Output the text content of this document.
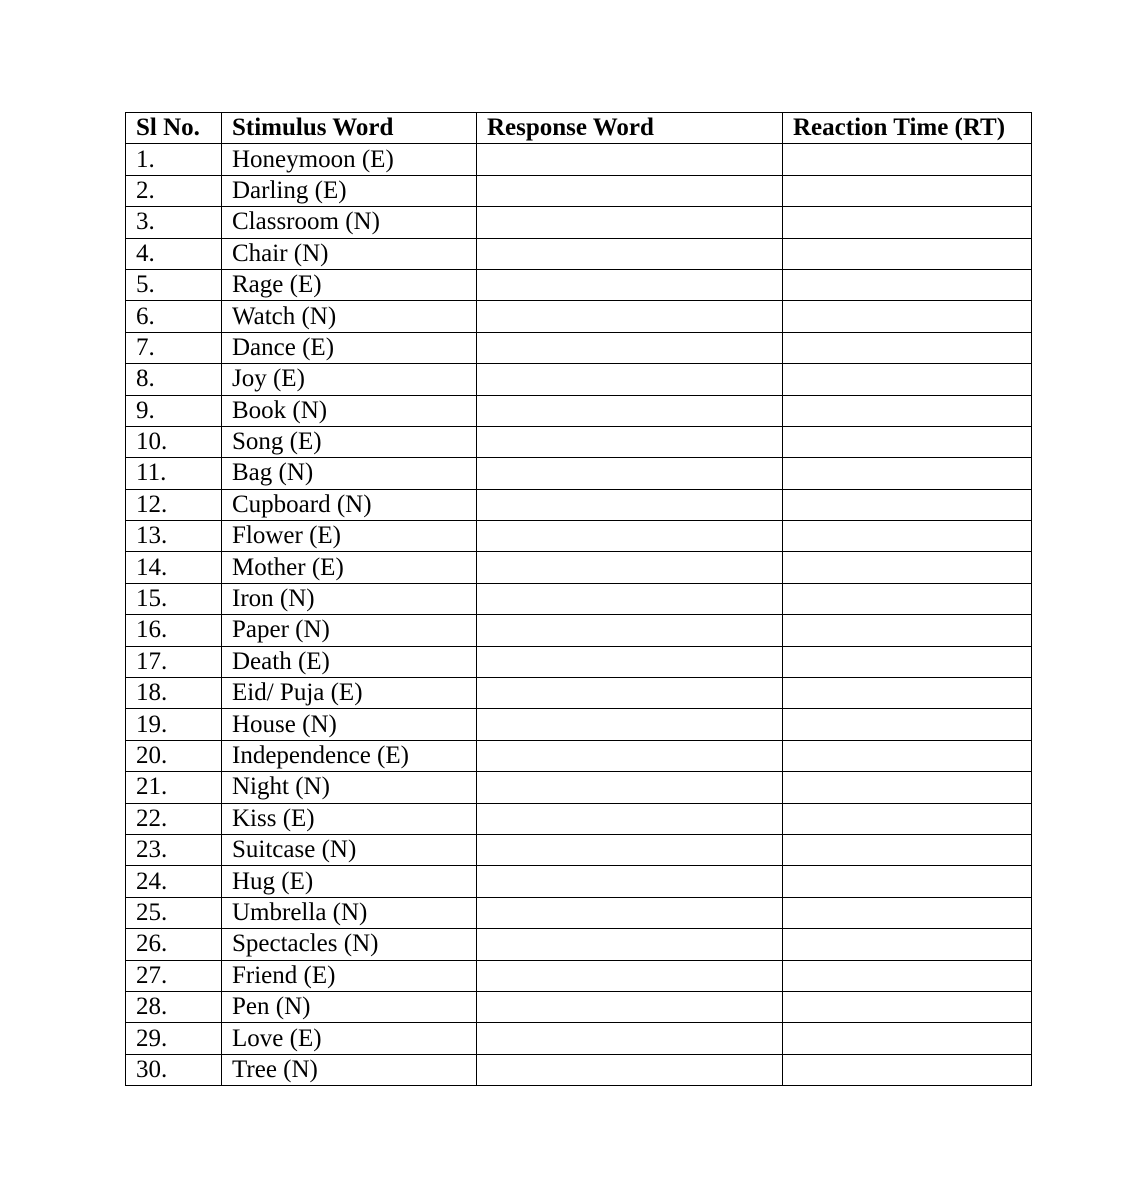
Sl No.	Stimulus Word	Response Word	Reaction Time (RT)
1.	Honeymoon (E)		
2.	Darling (E)		
3.	Classroom (N)		
4.	Chair (N)		
5.	Rage (E)		
6.	Watch (N)		
7.	Dance (E)		
8.	Joy (E)		
9.	Book (N)		
10.	Song (E)		
11.	Bag (N)		
12.	Cupboard (N)		
13.	Flower (E)		
14.	Mother (E)		
15.	Iron (N)		
16.	Paper (N)		
17.	Death (E)		
18.	Eid/ Puja (E)		
19.	House (N)		
20.	Independence (E)		
21.	Night (N)		
22.	Kiss (E)		
23.	Suitcase (N)		
24.	Hug (E)		
25.	Umbrella (N)		
26.	Spectacles (N)		
27.	Friend (E)		
28.	Pen (N)		
29.	Love (E)		
30.	Tree (N)		
